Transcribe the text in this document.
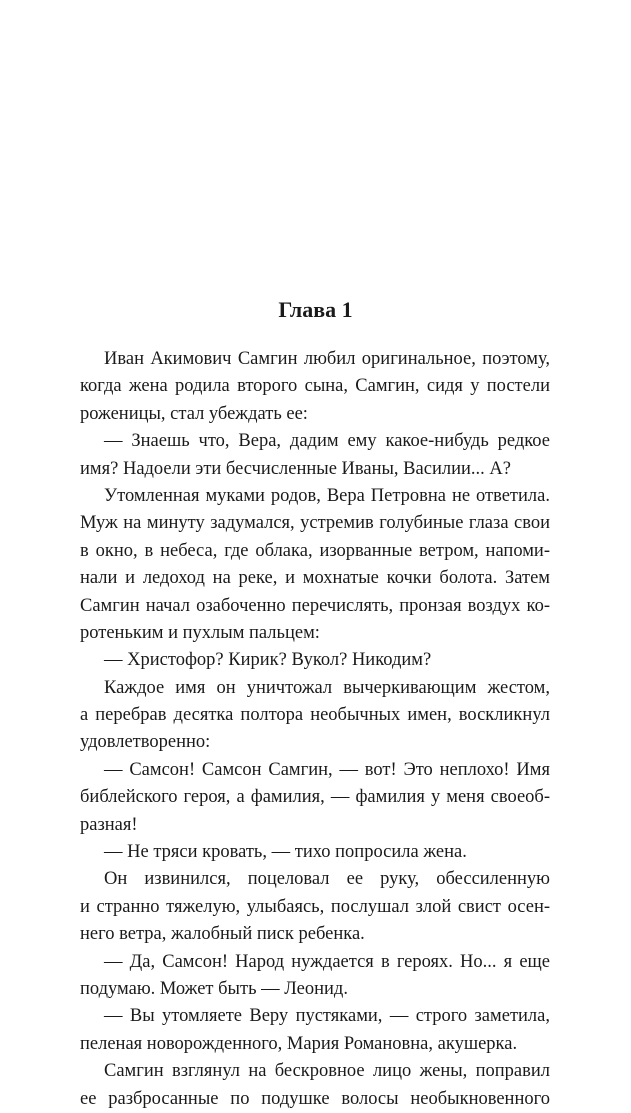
Глава 1
Иван Акимович Самгин любил оригинальное, поэтому,
когда жена родила второго сына, Самгин, сидя у постели
роженицы, стал убеждать ее:
— Знаешь что, Вера, дадим ему какое-нибудь редкое
имя? Надоели эти бесчисленные Иваны, Василии... А?
Утомленная муками родов, Вера Петровна не ответила.
Муж на минуту задумался, устремив голубиные глаза свои
в окно, в небеса, где облака, изорванные ветром, напоми-
нали и ледоход на реке, и мохнатые кочки болота. Затем
Самгин начал озабоченно перечислять, пронзая воздух ко-
ротеньким и пухлым пальцем:
— Христофор? Кирик? Вукол? Никодим?
Каждое имя он уничтожал вычеркивающим жестом,
а перебрав десятка полтора необычных имен, воскликнул
удовлетворенно:
— Самсон! Самсон Самгин, — вот! Это неплохо! Имя
библейского героя, а фамилия, — фамилия у меня своеоб-
разная!
— Не тряси кровать, — тихо попросила жена.
Он извинился, поцеловал ее руку, обессиленную
и странно тяжелую, улыбаясь, послушал злой свист осен-
него ветра, жалобный писк ребенка.
— Да, Самсон! Народ нуждается в героях. Но... я еще
подумаю. Может быть — Леонид.
— Вы утомляете Веру пустяками, — строго заметила,
пеленая новорожденного, Мария Романовна, акушерка.
Самгин взглянул на бескровное лицо жены, поправил
ее разбросанные по подушке волосы необыкновенного
